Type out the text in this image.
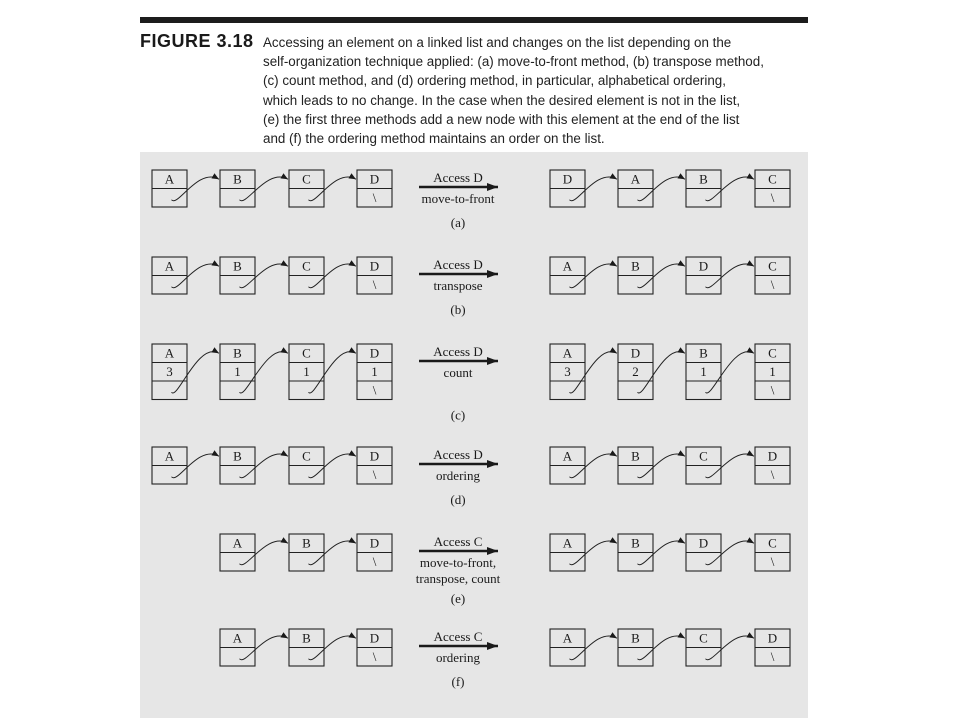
FIGURE 3.18 Accessing an element on a linked list and changes on the list depending on the
self-organization technique applied: (a) move-to-front method, (b) transpose method,
(c) count method, and (d) ordering method, in particular, alphabetical ordering,
which leads to no change. In the case when the desired element is not in the list,
(e) the first three methods add a new node with this element at the end of the list
and (f) the ordering method maintains an order on the list.

A	B	C	D
\
D	A	B	C
\
Access D
move-to-front
(a)
A	B	C	D
\
A	B	D	C
\
Access D
transpose
(b)
A
3
B
1
C
1
D
1
\
A
3
D
2
B
1
C
1
\
Access D
count
(c)
A	B	C	D
\
A	B	C	D
\
Access D
ordering
(d)
A	B	D
\
A	B	D	C
\
Access C
move-to-front,
transpose, count
(e)
A	B	D
\
A	B	C	D
\
Access C
ordering
(f)
